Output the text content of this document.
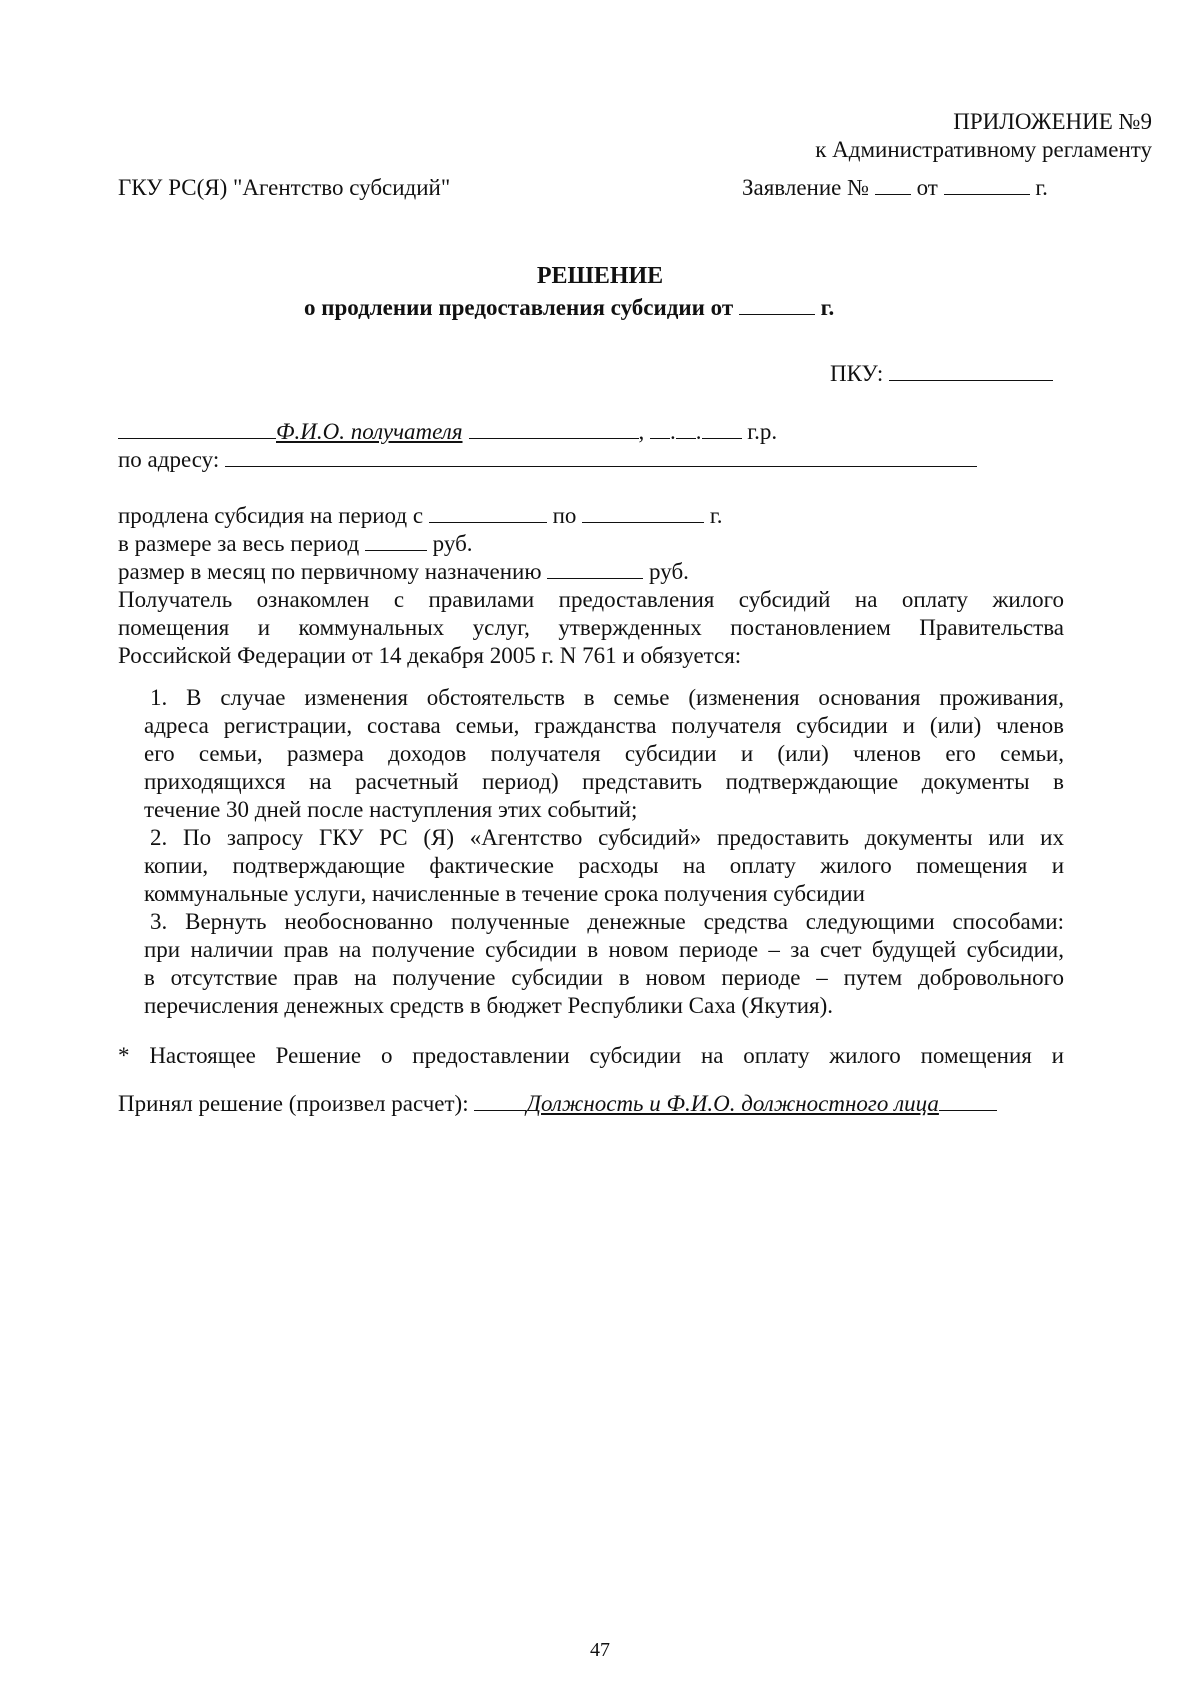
ПРИЛОЖЕНИЕ №9
к Административному регламенту
ГКУ РС(Я) "Агентство субсидий"	Заявление № от	г.
РЕШЕНИЕ
о продлении предоставления субсидии от	г.
ПКУ:
Ф.И.О. получателя	, . . г.р.
по адресу:
продлена субсидия на период с	по	г.
в размере за весь период	руб.
размер в месяц по первичному назначению	руб.
Получатель ознакомлен с правилами предоставления субсидий на оплату жилого
помещения и коммунальных услуг, утвержденных постановлением Правительства
Российской Федерации от 14 декабря 2005 г. N 761 и обязуется:
1. В случае изменения обстоятельств в семье (изменения основания проживания,
адреса регистрации, состава семьи, гражданства получателя субсидии и (или) членов
его семьи, размера доходов получателя субсидии и (или) членов его семьи,
приходящихся на расчетный период) представить подтверждающие документы в
течение 30 дней после наступления этих событий;
2. По запросу ГКУ РС (Я) «Агентство субсидий» предоставить документы или их
копии, подтверждающие фактические расходы на оплату жилого помещения и
коммунальные услуги, начисленные в течение срока получения субсидии
3. Вернуть необоснованно полученные денежные средства следующими способами:
при наличии прав на получение субсидии в новом периоде – за счет будущей субсидии,
в отсутствие прав на получение субсидии в новом периоде – путем добровольного
перечисления денежных средств в бюджет Республики Саха (Якутия).
* Настоящее Решение о предоставлении субсидии на оплату жилого помещения и
Принял решение (произвел расчет):	Должность и Ф.И.О. должностного лица
47
